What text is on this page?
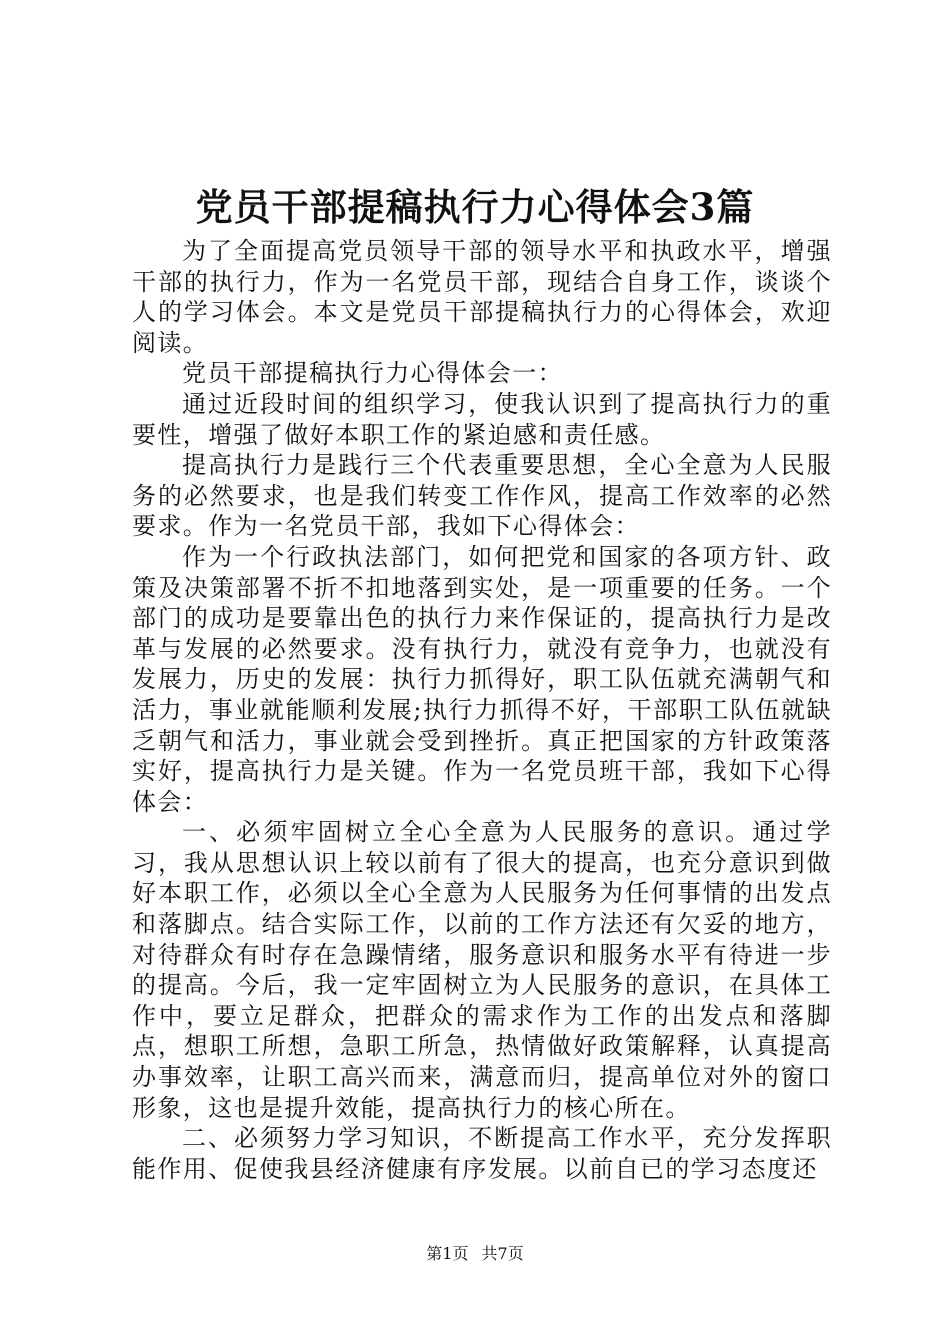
党员干部提稿执行力心得体会3篇

为了全面提高党员领导干部的领导水平和执政水平，增强干部的执行力，作为一名党员干部，现结合自身工作，谈谈个人的学习体会。本文是党员干部提稿执行力的心得体会，欢迎阅读。

党员干部提稿执行力心得体会一：

通过近段时间的组织学习，使我认识到了提高执行力的重要性，增强了做好本职工作的紧迫感和责任感。

提高执行力是践行三个代表重要思想，全心全意为人民服务的必然要求，也是我们转变工作作风，提高工作效率的必然要求。作为一名党员干部，我如下心得体会：

作为一个行政执法部门，如何把党和国家的各项方针、政策及决策部署不折不扣地落到实处，是一项重要的任务。一个部门的成功是要靠出色的执行力来作保证的，提高执行力是改革与发展的必然要求。没有执行力，就没有竞争力，也就没有发展力，历史的发展：执行力抓得好，职工队伍就充满朝气和活力，事业就能顺利发展;执行力抓得不好，干部职工队伍就缺乏朝气和活力，事业就会受到挫折。真正把国家的方针政策落实好，提高执行力是关键。作为一名党员班干部，我如下心得体会：

一、必须牢固树立全心全意为人民服务的意识。通过学习，我从思想认识上较以前有了很大的提高，也充分意识到做好本职工作，必须以全心全意为人民服务为任何事情的出发点和落脚点。结合实际工作，以前的工作方法还有欠妥的地方，对待群众有时存在急躁情绪，服务意识和服务水平有待进一步的提高。今后，我一定牢固树立为人民服务的意识，在具体工作中，要立足群众，把群众的需求作为工作的出发点和落脚点，想职工所想，急职工所急，热情做好政策解释，认真提高办事效率，让职工高兴而来，满意而归，提高单位对外的窗口形象，这也是提升效能，提高执行力的核心所在。

二、必须努力学习知识，不断提高工作水平，充分发挥职能作用、促使我县经济健康有序发展。以前自已的学习态度还

第1页 共7页
